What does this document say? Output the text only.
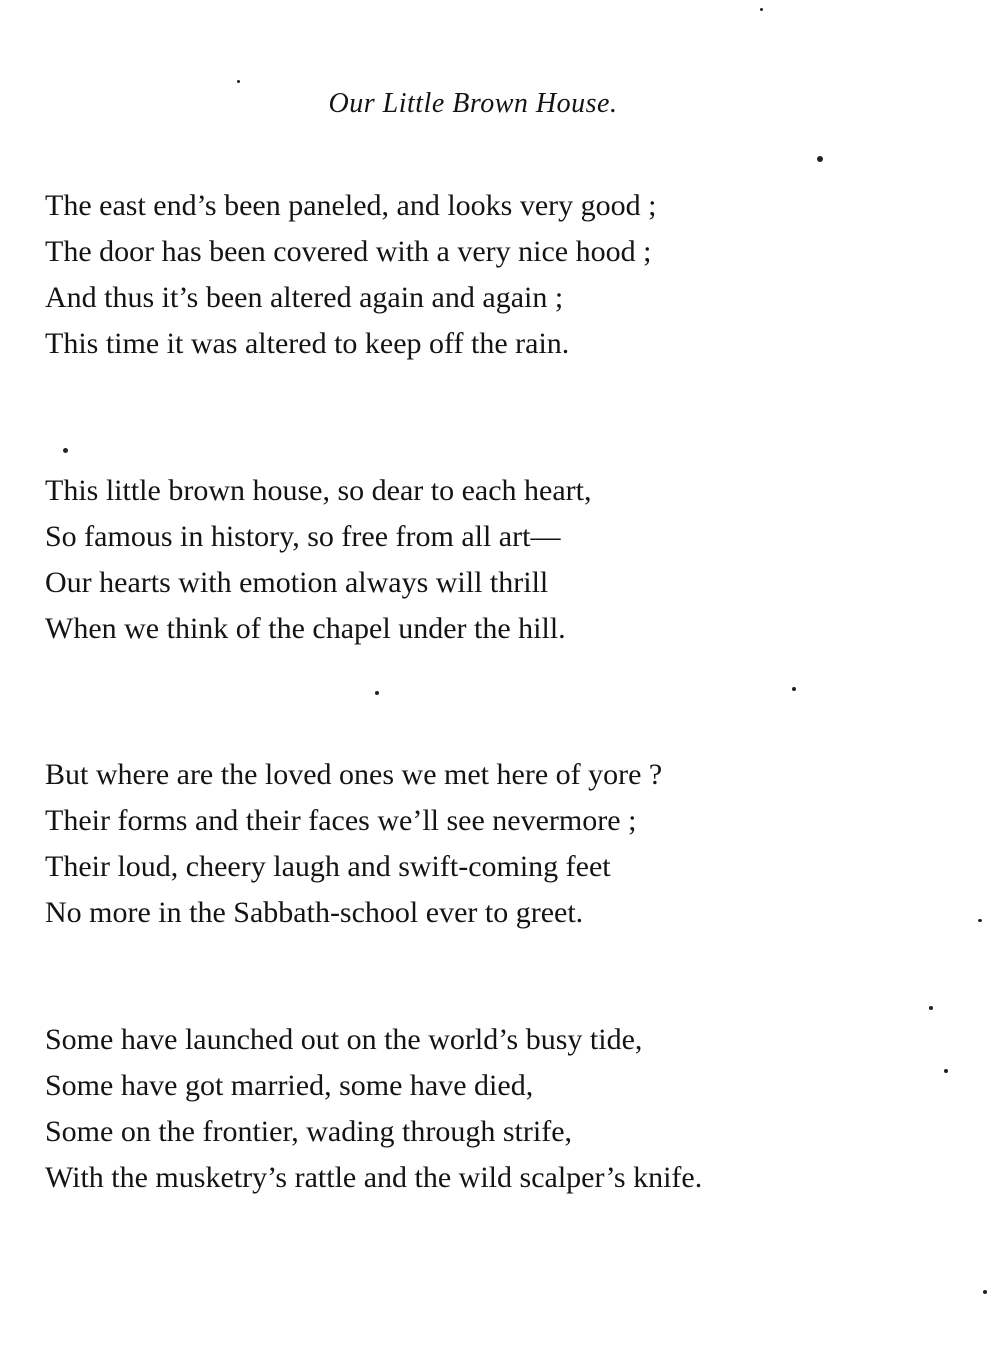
Our Little Brown House.
The east end’s been paneled, and looks very good ;
The door has been covered with a very nice hood ;
And thus it’s been altered again and again ;
This time it was altered to keep off the rain.
This little brown house, so dear to each heart,
So famous in history, so free from all art—
Our hearts with emotion always will thrill
When we think of the chapel under the hill.
But where are the loved ones we met here of yore ?
Their forms and their faces we’ll see nevermore ;
Their loud, cheery laugh and swift-coming feet
No more in the Sabbath-school ever to greet.
Some have launched out on the world’s busy tide,
Some have got married, some have died,
Some on the frontier, wading through strife,
With the musketry’s rattle and the wild scalper’s knife.
